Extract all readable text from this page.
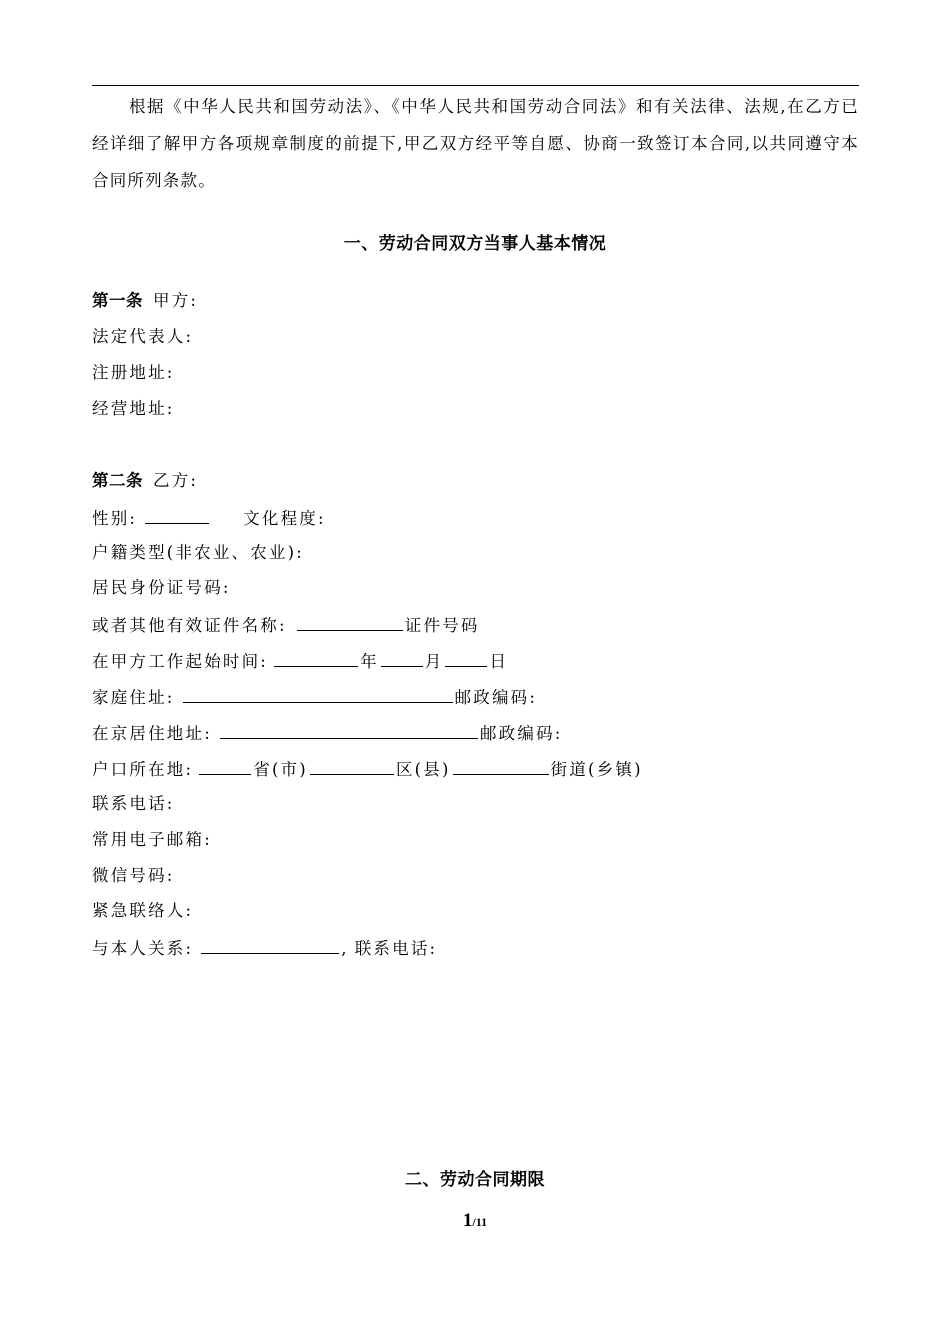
根据《中华人民共和国劳动法》、《中华人民共和国劳动合同法》和有关法律、法规,在乙方已经详细了解甲方各项规章制度的前提下,甲乙双方经平等自愿、协商一致签订本合同,以共同遵守本合同所列条款。

一、劳动合同双方当事人基本情况
第一条 甲方:
法定代表人:
注册地址:
经营地址:
第二条 乙方:
性别:	文化程度:
户籍类型(非农业、农业):
居民身份证号码:
或者其他有效证件名称:	证件号码
在甲方工作起始时间:	年	月	日
家庭住址:	邮政编码:
在京居住地址:	邮政编码:
户口所在地:	省(市)	区(县)	街道(乡镇)
联系电话:
常用电子邮箱:
微信号码:
紧急联络人:
与本人关系:	, 联系电话:
二、劳动合同期限
1/11
